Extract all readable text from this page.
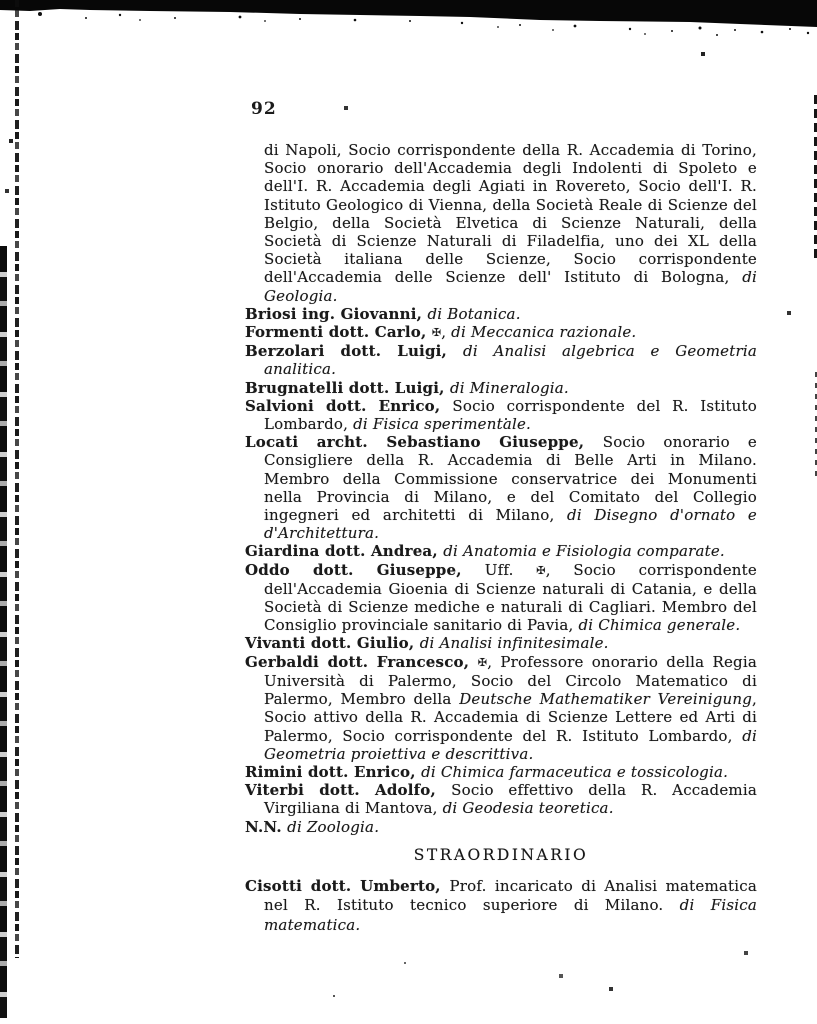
92

di Napoli, Socio corrispondente della R. Accademia di Torino, Socio onorario dell'Accademia degli Indolenti di Spoleto e dell'I. R. Accademia degli Agiati in Rovereto, Socio dell'I. R. Istituto Geologico di Vienna, della Società Reale di Scienze del Belgio, della Società Elvetica di Scienze Naturali, della Società di Scienze Naturali di Filadelfia, uno dei XL della Società italiana delle Scienze, Socio corrispondente dell'Accademia delle Scienze dell' Istituto di Bologna, di Geologia.

Briosi ing. Giovanni, di Botanica.

Formenti dott. Carlo, ✠, di Meccanica razionale.

Berzolari dott. Luigi, di Analisi algebrica e Geometria analitica.

Brugnatelli dott. Luigi, di Mineralogia.

Salvioni dott. Enrico, Socio corrispondente del R. Istituto Lombardo, di Fisica sperimentale.

Locati archt. Sebastiano Giuseppe, Socio onorario e Consigliere della R. Accademia di Belle Arti in Milano. Membro della Commissione conservatrice dei Monumenti nella Provincia di Milano, e del Comitato del Collegio ingegneri ed architetti di Milano, di Disegno d'ornato e d'Architettura.

Giardina dott. Andrea, di Anatomia e Fisiologia comparate.

Oddo dott. Giuseppe, Uff. ✠, Socio corrispondente dell'Accademia Gioenia di Scienze naturali di Catania, e della Società di Scienze mediche e naturali di Cagliari. Membro del Consiglio provinciale sanitario di Pavia, di Chimica generale.

Vivanti dott. Giulio, di Analisi infinitesimale.

Gerbaldi dott. Francesco, ✠, Professore onorario della Regia Università di Palermo, Socio del Circolo Matematico di Palermo, Membro della Deutsche Mathematiker Vereinigung, Socio attivo della R. Accademia di Scienze Lettere ed Arti di Palermo, Socio corrispondente del R. Istituto Lombardo, di Geometria proiettiva e descrittiva.

Rimini dott. Enrico, di Chimica farmaceutica e tossicologia.

Viterbi dott. Adolfo, Socio effettivo della R. Accademia Virgiliana di Mantova, di Geodesia teoretica.

N.N. di Zoologia.

STRAORDINARIO

Cisotti dott. Umberto, Prof. incaricato di Analisi matematica nel R. Istituto tecnico superiore di Milano. di Fisica matematica.
